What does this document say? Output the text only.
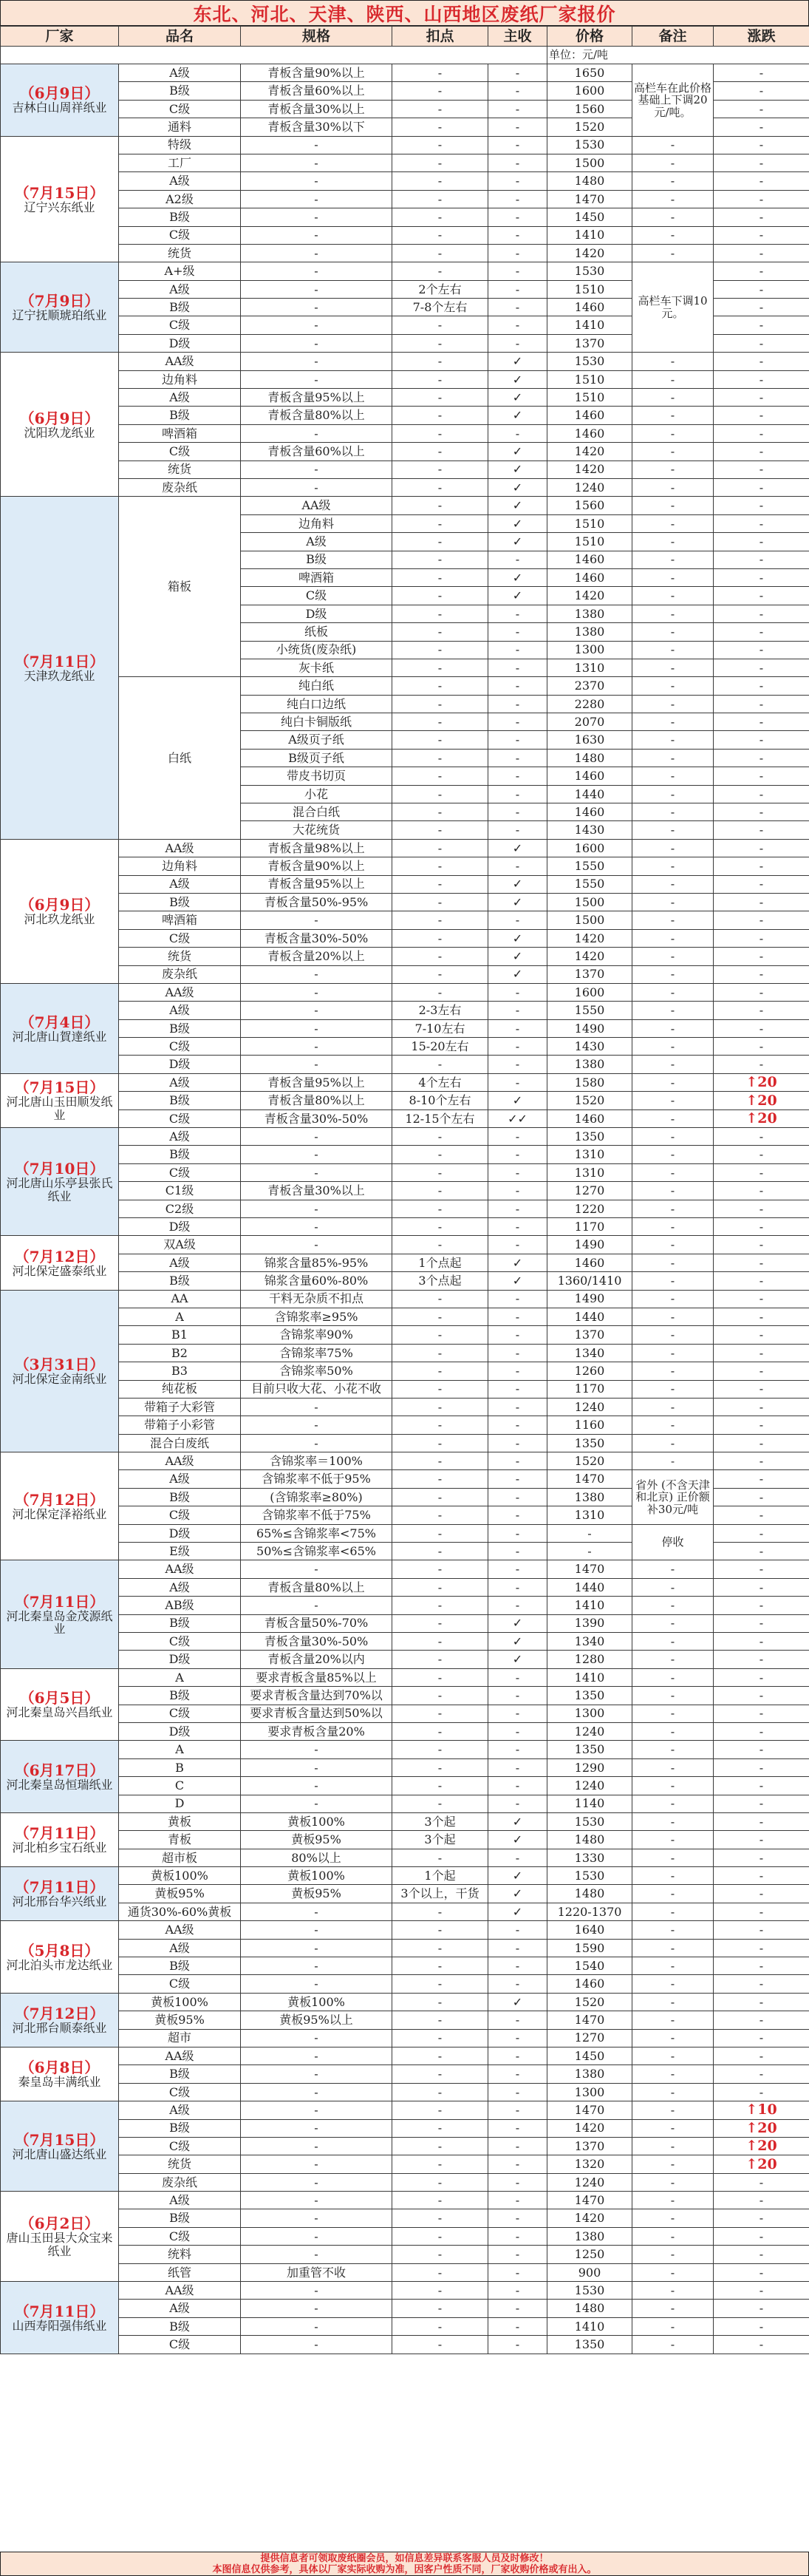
东北、河北、天津、陕西、山西地区废纸厂家报价
厂家	品名	规格	扣点	主收	价格	备注	涨跌
					单位：元/吨		

（6月9日）
吉林白山周祥纸业	A级	青板含量90%以上	-	-	1650	高栏车在此价格基础上下调20元/吨。	-
	B级	青板含量60%以上	-	-	1600		-
	C级	青板含量30%以上	-	-	1560		-
	通料	青板含量30%以下	-	-	1520		-

（7月15日）
辽宁兴东纸业	特级	-	-	-	1530	-	-
	工厂	-	-	-	1500	-	-
	A级	-	-	-	1480	-	-
	A2级	-	-	-	1470	-	-
	B级	-	-	-	1450	-	-
	C级	-	-	-	1410	-	-
	统货	-	-	-	1420	-	-

（7月9日）
辽宁抚顺琥珀纸业	A+级	-	-	-	1530	高栏车下调10元。	-
	A级	-	2个左右	-	1510		-
	B级	-	7-8个左右	-	1460		-
	C级	-	-	-	1410		-
	D级	-	-	-	1370		-

（6月9日）
沈阳玖龙纸业	AA级	-	-	✓	1530	-	-
	边角料	-	-	✓	1510	-	-
	A级	青板含量95%以上	-	✓	1510	-	-
	B级	青板含量80%以上	-	✓	1460	-	-
	啤酒箱	-	-	-	1460	-	-
	C级	青板含量60%以上	-	✓	1420	-	-
	统货	-	-	✓	1420	-	-
	废杂纸	-	-	✓	1240	-	-

（7月11日）
天津玖龙纸业	箱板	AA级	-	✓	1560	-	-
		边角料	-	✓	1510	-	-
		A级	-	✓	1510	-	-
		B级	-	-	1460	-	-
		啤酒箱	-	✓	1460	-	-
		C级	-	✓	1420	-	-
		D级	-	-	1380	-	-
		纸板	-	-	1380	-	-
		小统货(废杂纸)	-	-	1300	-	-
		灰卡纸	-	-	1310	-	-
	白纸	纯白纸	-	-	2370	-	-
		纯白口边纸	-	-	2280	-	-
		纯白卡铜版纸	-	-	2070	-	-
		A级页子纸	-	-	1630	-	-
		B级页子纸	-	-	1480	-	-
		带皮书切页	-	-	1460	-	-
		小花	-	-	1440	-	-
		混合白纸	-	-	1460	-	-
		大花统货	-	-	1430	-	-

（6月9日）
河北玖龙纸业	AA级	青板含量98%以上	-	✓	1600	-	-
	边角料	青板含量90%以上	-	-	1550	-	-
	A级	青板含量95%以上	-	✓	1550	-	-
	B级	青板含量50%-95%	-	✓	1500	-	-
	啤酒箱	-	-	-	1500	-	-
	C级	青板含量30%-50%	-	✓	1420	-	-
	统货	青板含量20%以上	-	✓	1420	-	-
	废杂纸	-	-	✓	1370	-	-

（7月4日）
河北唐山賀達纸业	AA级	-	-	-	1600	-	-
	A级	-	2-3左右	-	1550	-	-
	B级	-	7-10左右	-	1490	-	-
	C级	-	15-20左右	-	1430	-	-
	D级	-	-	-	1380	-	-

（7月15日）
河北唐山玉田顺发纸业	A级	青板含量95%以上	4个左右	-	1580	-	↑20
	B级	青板含量80%以上	8-10个左右	✓	1520	-	↑20
	C级	青板含量30%-50%	12-15个左右	✓✓	1460	-	↑20

（7月10日）
河北唐山乐亭县张氏纸业	A级	-	-	-	1350	-	-
	B级	-	-	-	1310	-	-
	C级	-	-	-	1310	-	-
	C1级	青板含量30%以上	-	-	1270	-	-
	C2级	-	-	-	1220	-	-
	D级	-	-	-	1170	-	-

（7月12日）
河北保定盛泰纸业	双A级	-	-	-	1490	-	-
	A级	锦浆含量85%-95%	1个点起	✓	1460	-	-
	B级	锦浆含量60%-80%	3个点起	✓	1360/1410	-	-

（3月31日）
河北保定金南纸业	AA	干料无杂质不扣点	-	-	1490	-	-
	A	含锦浆率≥95%	-	-	1440	-	-
	B1	含锦浆率90%	-	-	1370	-	-
	B2	含锦浆率75%	-	-	1340	-	-
	B3	含锦浆率50%	-	-	1260	-	-
	纯花板	目前只收大花、小花不收	-	-	1170	-	-
	带箱子大彩管	-	-	-	1240	-	-
	带箱子小彩管	-	-	-	1160	-	-
	混合白废纸	-	-	-	1350	-	-

（7月12日）
河北保定泽裕纸业	AA级	含锦浆率＝100%	-	-	1520	-	-
	A级	含锦浆率不低于95%	-	-	1470	省外 (不含天津和北京) 正价额补30元/吨	-
	B级	(含锦浆率≥80%)	-	-	1380		-
	C级	含锦浆率不低于75%	-	-	1310		-
	D级	65%≤含锦浆率<75%	-	-	-	停收	-
	E级	50%≤含锦浆率<65%	-	-	-		-

（7月11日）
河北秦皇岛金茂源纸业	AA级	-	-	-	1470	-	-
	A级	青板含量80%以上	-	-	1440	-	-
	AB级	-	-	-	1410	-	-
	B级	青板含量50%-70%	-	✓	1390	-	-
	C级	青板含量30%-50%	-	✓	1340	-	-
	D级	青板含量20%以内	-	✓	1280	-	-

（6月5日）
河北秦皇岛兴昌纸业	A	要求青板含量85%以上	-	-	1410	-	-
	B级	要求青板含量达到70%以	-	-	1350	-	-
	C级	要求青板含量达到50%以	-	-	1300	-	-
	D级	要求青板含量20%	-	-	1240	-	-

（6月17日）
河北秦皇岛恒瑞纸业	A	-	-	-	1350	-	-
	B	-	-	-	1290	-	-
	C	-	-	-	1240	-	-
	D	-	-	-	1140	-	-

（7月11日）
河北柏乡宝石纸业	黄板	黄板100%	3个起	✓	1530	-	-
	青板	黄板95%	3个起	✓	1480	-	-
	超市板	80%以上	-	-	1330	-	-

（7月11日）
河北邢台华兴纸业	黄板100%	黄板100%	1个起	✓	1530	-	-
	黄板95%	黄板95%	3个以上，干货	✓	1480	-	-
	通货30%-60%黄板	-	-	✓	1220-1370	-	-

（5月8日）
河北泊头市龙达纸业	AA级	-	-	-	1640	-	-
	A级	-	-	-	1590	-	-
	B级	-	-	-	1540	-	-
	C级	-	-	-	1460	-	-

（7月12日）
河北邢台顺泰纸业	黄板100%	黄板100%	-	✓	1520	-	-
	黄板95%	黄板95%以上	-	-	1470	-	-
	超市	-	-	-	1270	-	-

（6月8日）
秦皇岛丰满纸业	AA级	-	-	-	1450	-	-
	B级	-	-	-	1380	-	-
	C级	-	-	-	1300	-	-

（7月15日）
河北唐山盛达纸业	A级	-	-	-	1470	-	↑10
	B级	-	-	-	1420	-	↑20
	C级	-	-	-	1370	-	↑20
	统货	-	-	-	1320	-	↑20
	废杂纸	-	-	-	1240	-	-

（6月2日）
唐山玉田县大众宝来纸业	A级	-	-	-	1470	-	-
	B级	-	-	-	1420	-	-
	C级	-	-	-	1380	-	-
	统料	-	-	-	1250	-	-
	纸管	加重管不收	-	-	900	-	-

（7月11日）
山西寿阳强伟纸业	AA级	-	-	-	1530	-	-
	A级	-	-	-	1480	-	-
	B级	-	-	-	1410	-	-
	C级	-	-	-	1350	-	-
提供信息者可领取废纸圈会员，如信息差异联系客服人员及时修改！
本图信息仅供参考，具体以厂家实际收购为准，因客户性质不同，厂家收购价格或有出入。
